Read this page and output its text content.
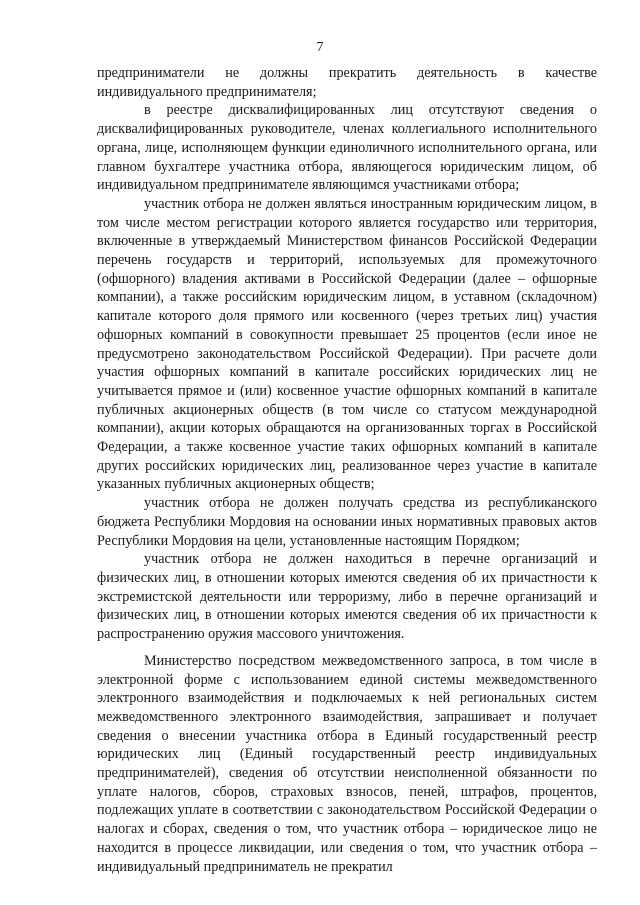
7

предприниматели не должны прекратить деятельность в качестве индивидуального предпринимателя;

в реестре дисквалифицированных лиц отсутствуют сведения о дисквалифицированных руководителе, членах коллегиального исполнительного органа, лице, исполняющем функции единоличного исполнительного органа, или главном бухгалтере участника отбора, являющегося юридическим лицом, об индивидуальном предпринимателе являющимся участниками отбора;

участник отбора не должен являться иностранным юридическим лицом, в том числе местом регистрации которого является государство или территория, включенные в утверждаемый Министерством финансов Российской Федерации перечень государств и территорий, используемых для промежуточного (офшорного) владения активами в Российской Федерации (далее – офшорные компании), а также российским юридическим лицом, в уставном (складочном) капитале которого доля прямого или косвенного (через третьих лиц) участия офшорных компаний в совокупности превышает 25 процентов (если иное не предусмотрено законодательством Российской Федерации). При расчете доли участия офшорных компаний в капитале российских юридических лиц не учитывается прямое и (или) косвенное участие офшорных компаний в капитале публичных акционерных обществ (в том числе со статусом международной компании), акции которых обращаются на организованных торгах в Российской Федерации, а также косвенное участие таких офшорных компаний в капитале других российских юридических лиц, реализованное через участие в капитале указанных публичных акционерных обществ;

участник отбора не должен получать средства из республиканского бюджета Республики Мордовия на основании иных нормативных правовых актов Республики Мордовия на цели, установленные настоящим Порядком;

участник отбора не должен находиться в перечне организаций и физических лиц, в отношении которых имеются сведения об их причастности к экстремистской деятельности или терроризму, либо в перечне организаций и физических лиц, в отношении которых имеются сведения об их причастности к распространению оружия массового уничтожения.

Министерство посредством межведомственного запроса, в том числе в электронной форме с использованием единой системы межведомственного электронного взаимодействия и подключаемых к ней региональных систем межведомственного электронного взаимодействия, запрашивает и получает сведения о внесении участника отбора в Единый государственный реестр юридических лиц (Единый государственный реестр индивидуальных предпринимателей), сведения об отсутствии неисполненной обязанности по уплате налогов, сборов, страховых взносов, пеней, штрафов, процентов, подлежащих уплате в соответствии с законодательством Российской Федерации о налогах и сборах, сведения о том, что участник отбора – юридическое лицо не находится в процессе ликвидации, или сведения о том, что участник отбора – индивидуальный предприниматель не прекратил
